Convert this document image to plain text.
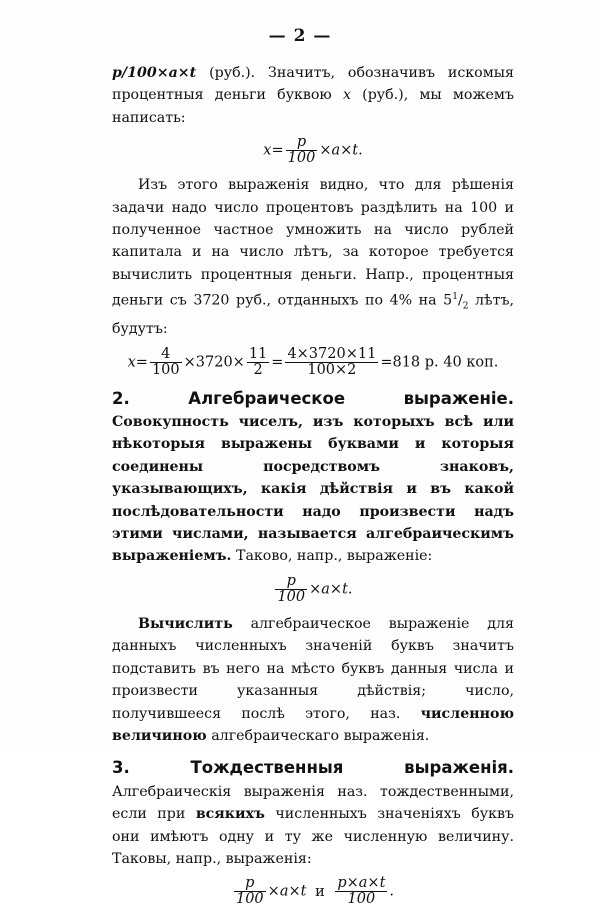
— 2 —

p/100×a×t (руб.). Значитъ, обозначивъ искомыя процентныя деньги буквою x (руб.), мы можемъ написать:

$x= \frac{p}{100} \times a\times t$.

Изъ этого выраженія видно, что для рѣшенія задачи надо число процентовъ раздѣлить на 100 и полученное частное умножить на число рублей капитала и на число лѣтъ, за которое требуется вычислить процентныя деньги. Напр., процентныя деньги съ 3720 руб., отданныхъ по 4% на $5^1/_2$ лѣтъ, будутъ:

$x= \frac{4}{100} \times 3720\times \frac{11}{2} = \frac{4\times 3720\times 11}{100\times 2} =818$ р. 40 коп.

2. Алгебраическое выраженіе. Совокупность чиселъ, изъ которыхъ всѣ или нѣкоторыя выражены буквами и которыя соединены посредствомъ знаковъ, указывающихъ, какія дѣйствія и въ какой послѣдовательности надо произвести надъ этими числами, называется алгебраическимъ выраженіемъ. Таково, напр., выраженіе:

$\frac{p}{100} \times a\times t$.

Вычислить алгебраическое выраженіе для данныхъ численныхъ значеній буквъ значитъ подставить въ него на мѣсто буквъ данныя числа и произвести указанныя дѣйствія; число, получившееся послѣ этого, наз. численною величиною алгебраическаго выраженія.

3. Тождественныя выраженія. Алгебраическія выраженія наз. тождественными, если при всякихъ численныхъ значеніяхъ буквъ они имѣютъ одну и ту же численную величину. Таковы, напр., выраженія:

$\frac{p}{100} \times a\times t$ и $\frac{p\times a\times t}{100}$ .
